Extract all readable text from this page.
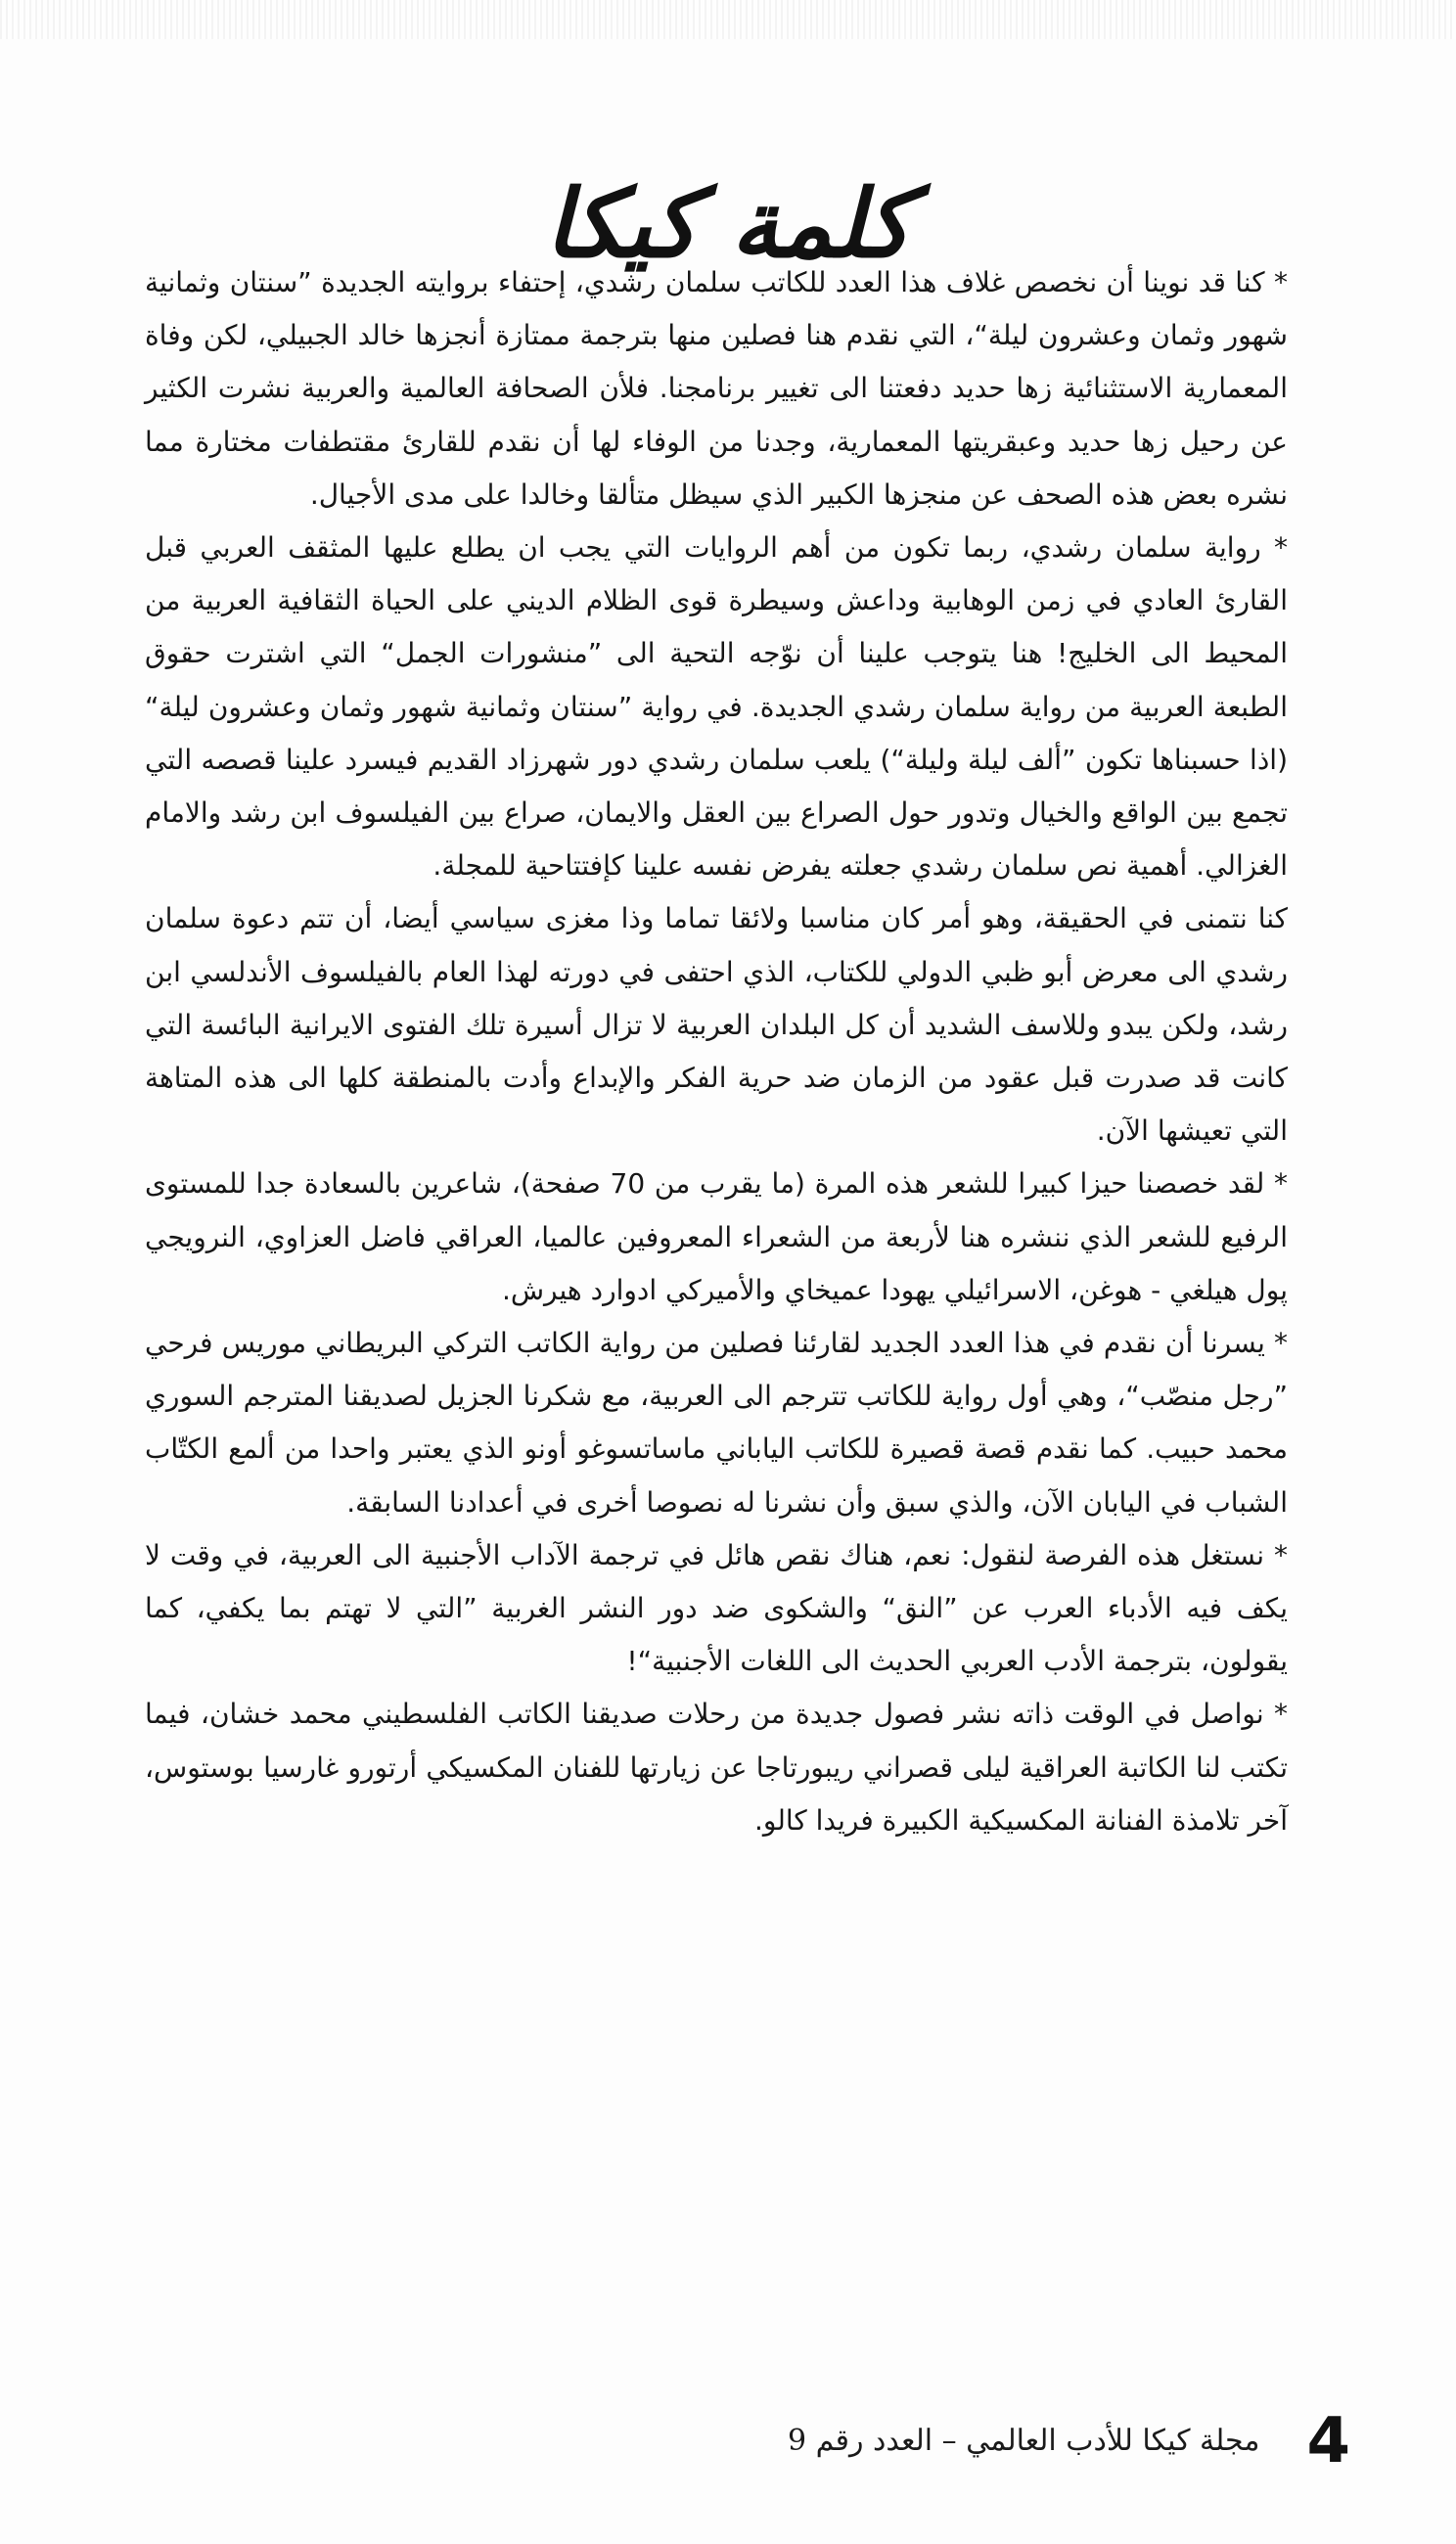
كلمة كيكا

* كنا قد نوينا أن نخصص غلاف هذا العدد للكاتب سلمان رشدي، إحتفاء بروايته الجديدة ”سنتان وثمانية شهور وثمان وعشرون ليلة“، التي نقدم هنا فصلين منها بترجمة ممتازة أنجزها خالد الجبيلي، لكن وفاة المعمارية الاستثنائية زها حديد دفعتنا الى تغيير برنامجنا. فلأن الصحافة العالمية والعربية نشرت الكثير عن رحيل زها حديد وعبقريتها المعمارية، وجدنا من الوفاء لها أن نقدم للقارئ مقتطفات مختارة مما نشره بعض هذه الصحف عن منجزها الكبير الذي سيظل متألقا وخالدا على مدى الأجيال.

* رواية سلمان رشدي، ربما تكون من أهم الروايات التي يجب ان يطلع عليها المثقف العربي قبل القارئ العادي في زمن الوهابية وداعش وسيطرة قوى الظلام الديني على الحياة الثقافية العربية من المحيط الى الخليج! هنا يتوجب علينا أن نوّجه التحية الى ”منشورات الجمل“ التي اشترت حقوق الطبعة العربية من رواية سلمان رشدي الجديدة. في رواية ”سنتان وثمانية شهور وثمان وعشرون ليلة“ (اذا حسبناها تكون ”ألف ليلة وليلة“) يلعب سلمان رشدي دور شهرزاد القديم فيسرد علينا قصصه التي تجمع بين الواقع والخيال وتدور حول الصراع بين العقل والايمان، صراع بين الفيلسوف ابن رشد والامام الغزالي. أهمية نص سلمان رشدي جعلته يفرض نفسه علينا كإفتتاحية للمجلة.

كنا نتمنى في الحقيقة، وهو أمر كان مناسبا ولائقا تماما وذا مغزى سياسي أيضا، أن تتم دعوة سلمان رشدي الى معرض أبو ظبي الدولي للكتاب، الذي احتفى في دورته لهذا العام بالفيلسوف الأندلسي ابن رشد، ولكن يبدو وللاسف الشديد أن كل البلدان العربية لا تزال أسيرة تلك الفتوى الايرانية البائسة التي كانت قد صدرت قبل عقود من الزمان ضد حرية الفكر والإبداع وأدت بالمنطقة كلها الى هذه المتاهة التي تعيشها الآن.

* لقد خصصنا حيزا كبيرا للشعر هذه المرة (ما يقرب من 70 صفحة)، شاعرين بالسعادة جدا للمستوى الرفيع للشعر الذي ننشره هنا لأربعة من الشعراء المعروفين عالميا، العراقي فاضل العزاوي، النرويجي پول هيلغي - هوغن، الاسرائيلي يهودا عميخاي والأميركي ادوارد هيرش.

* يسرنا أن نقدم في هذا العدد الجديد لقارئنا فصلين من رواية الكاتب التركي البريطاني موريس فرحي ”رجل منصّب“، وهي أول رواية للكاتب تترجم الى العربية، مع شكرنا الجزيل لصديقنا المترجم السوري محمد حبيب. كما نقدم قصة قصيرة للكاتب الياباني ماساتسوغو أونو الذي يعتبر واحدا من ألمع الكتّاب الشباب في اليابان الآن، والذي سبق وأن نشرنا له نصوصا أخرى في أعدادنا السابقة.

* نستغل هذه الفرصة لنقول: نعم، هناك نقص هائل في ترجمة الآداب الأجنبية الى العربية، في وقت لا يكف فيه الأدباء العرب عن ”النق“ والشكوى ضد دور النشر الغربية ”التي لا تهتم بما يكفي، كما يقولون، بترجمة الأدب العربي الحديث الى اللغات الأجنبية“!

* نواصل في الوقت ذاته نشر فصول جديدة من رحلات صديقنا الكاتب الفلسطيني محمد خشان، فيما تكتب لنا الكاتبة العراقية ليلى قصراني ريبورتاجا عن زيارتها للفنان المكسيكي أرتورو غارسيا بوستوس، آخر تلامذة الفنانة المكسيكية الكبيرة فريدا كالو.

4
مجلة كيكا للأدب العالمي – العدد رقم 9
